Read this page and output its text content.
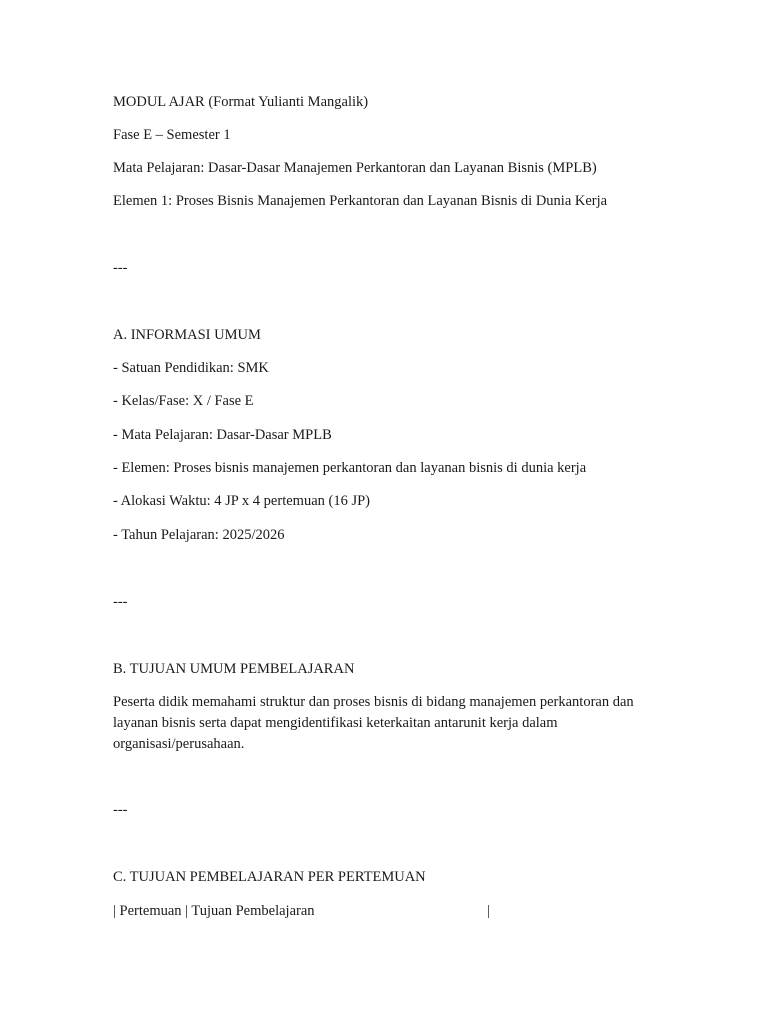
MODUL AJAR (Format Yulianti Mangalik)
Fase E – Semester 1
Mata Pelajaran: Dasar-Dasar Manajemen Perkantoran dan Layanan Bisnis (MPLB)
Elemen 1: Proses Bisnis Manajemen Perkantoran dan Layanan Bisnis di Dunia Kerja
---
A. INFORMASI UMUM
- Satuan Pendidikan: SMK
- Kelas/Fase: X / Fase E
- Mata Pelajaran: Dasar-Dasar MPLB
- Elemen: Proses bisnis manajemen perkantoran dan layanan bisnis di dunia kerja
- Alokasi Waktu: 4 JP x 4 pertemuan (16 JP)
- Tahun Pelajaran: 2025/2026
---
B. TUJUAN UMUM PEMBELAJARAN
Peserta didik memahami struktur dan proses bisnis di bidang manajemen perkantoran dan layanan bisnis serta dapat mengidentifikasi keterkaitan antarunit kerja dalam organisasi/perusahaan.
---
C. TUJUAN PEMBELAJARAN PER PERTEMUAN
| Pertemuan | Tujuan Pembelajaran	|
